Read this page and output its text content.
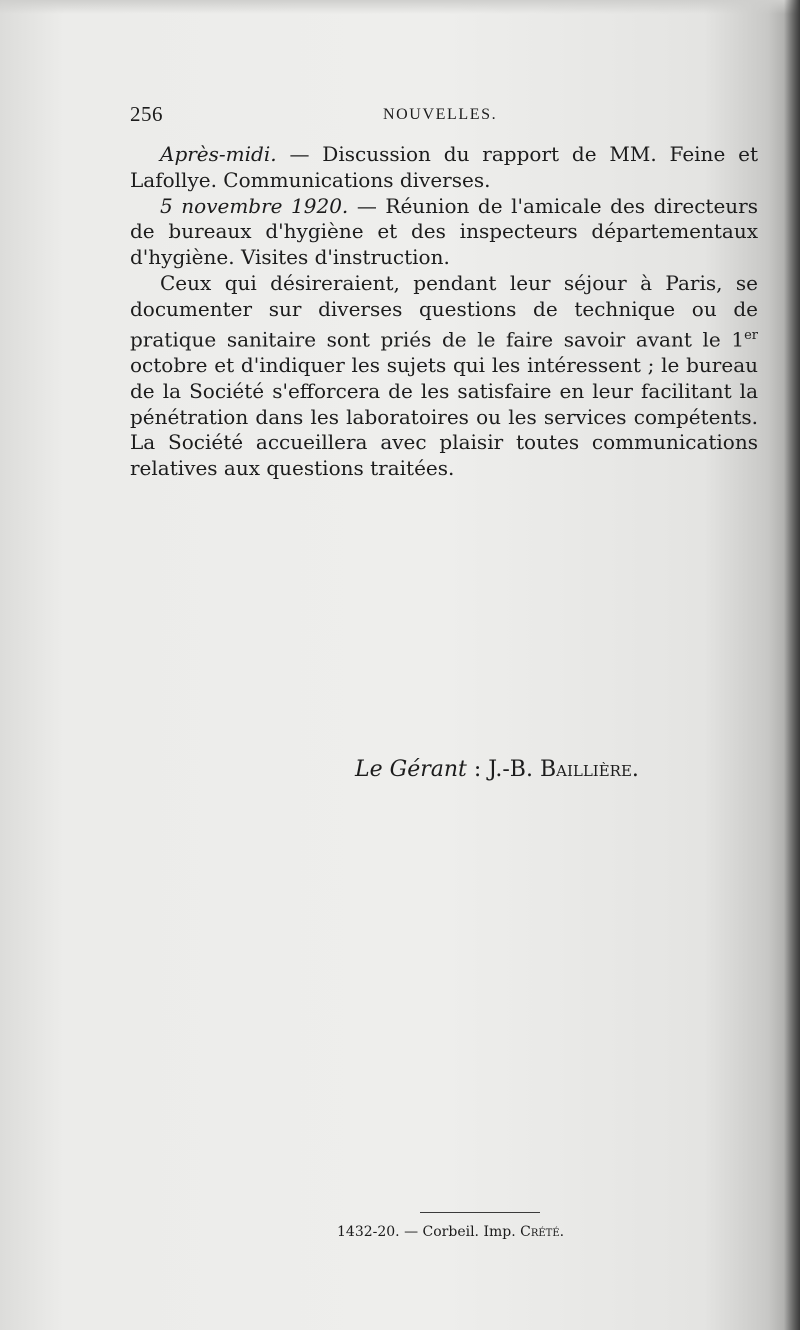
256	NOUVELLES.

Après-midi. — Discussion du rapport de MM. Feine et Lafollye. Communications diverses.

5 novembre 1920. — Réunion de l'amicale des directeurs de bureaux d'hygiène et des inspecteurs départementaux d'hygiène. Visites d'instruction.

Ceux qui désireraient, pendant leur séjour à Paris, se documenter sur diverses questions de technique ou de pratique sanitaire sont priés de le faire savoir avant le 1er octobre et d'indiquer les sujets qui les intéressent ; le bureau de la Société s'efforcera de les satisfaire en leur facilitant la pénétration dans les laboratoires ou les services compétents. La Société accueillera avec plaisir toutes communications relatives aux questions traitées.

Le Gérant : J.-B. Baillière.
1432-20. — Corbeil. Imp. Crété.
